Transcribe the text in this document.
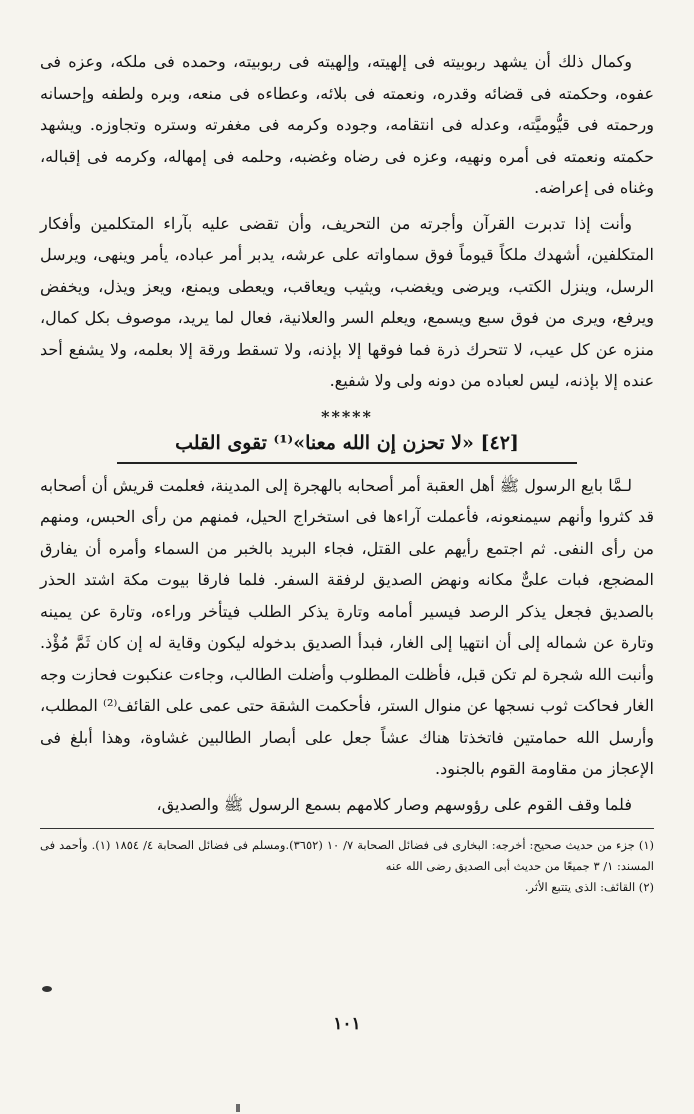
وكمال ذلك أن يشهد ربوبيته فى إلهيته، وإلهيته فى ربوبيته، وحمده فى ملكه، وعزه فى عفوه، وحكمته فى قضائه وقدره، ونعمته فى بلائه، وعطاءه فى منعه، وبره ولطفه وإحسانه ورحمته فى قيُّوميَّته، وعدله فى انتقامه، وجوده وكرمه فى مغفرته وستره وتجاوزه. ويشهد حكمته ونعمته فى أمره ونهيه، وعزه فى رضاه وغضبه، وحلمه فى إمهاله، وكرمه فى إقباله، وغناه فى إعراضه.

وأنت إذا تدبرت القرآن وأجرته من التحريف، وأن تقضى عليه بآراء المتكلمين وأفكار المتكلفين، أشهدك ملكاً قيوماً فوق سماواته على عرشه، يدبر أمر عباده، يأمر وينهى، ويرسل الرسل، وينزل الكتب، ويرضى ويغضب، ويثيب ويعاقب، ويعطى ويمنع، ويعز ويذل، ويخفض ويرفع، ويرى من فوق سبع ويسمع، ويعلم السر والعلانية، فعال لما يريد، موصوف بكل كمال، منزه عن كل عيب، لا تتحرك ذرة فما فوقها إلا بإذنه، ولا تسقط ورقة إلا بعلمه، ولا يشفع أحد عنده إلا بإذنه، ليس لعباده من دونه ولى ولا شفيع.

*****
[٤٢] «لا تحزن إن الله معنا»⁽¹⁾ تقوى القلب

لـمَّا بايع الرسول ﷺ أهل العقبة أمر أصحابه بالهجرة إلى المدينة، فعلمت قريش أن أصحابه قد كثروا وأنهم سيمنعونه، فأعملت آراءها فى استخراج الحيل، فمنهم من رأى الحبس، ومنهم من رأى النفى. ثم اجتمع رأيهم على القتل، فجاء البريد بالخبر من السماء وأمره أن يفارق المضجع، فبات علىٌّ مكانه ونهض الصديق لرفقة السفر. فلما فارقا بيوت مكة اشتد الحذر بالصديق فجعل يذكر الرصد فيسير أمامه وتارة يذكر الطلب فيتأخر وراءه، وتارة عن يمينه وتارة عن شماله إلى أن انتهيا إلى الغار، فبدأ الصديق بدخوله ليكون وقاية له إن كان ثَمَّ مُؤْذ. وأنبت الله شجرة لم تكن قبل، فأظلت المطلوب وأضلت الطالب، وجاءت عنكبوت فحازت وجه الغار فحاكت ثوب نسجها عن منوال الستر، فأحكمت الشقة حتى عمى على القائف⁽²⁾ المطلب، وأرسل الله حمامتين فاتخذتا هناك عشاً جعل على أبصار الطالبين غشاوة، وهذا أبلغ فى الإعجاز من مقاومة القوم بالجنود.

فلما وقف القوم على رؤوسهم وصار كلامهم بسمع الرسول ﷺ والصديق،

(١) جزء من حديث صحيح: أخرجه: البخارى فى فضائل الصحابة ٧/ ١٠ (٣٦٥٢).ومسلم فى فضائل الصحابة ٤/ ١٨٥٤ (١). وأحمد فى المسند: ١/ ٣ جميعًا من حديث أبى الصديق رضى الله عنه

(٢) القائف: الذى يتتبع الأثر.

١٠١
